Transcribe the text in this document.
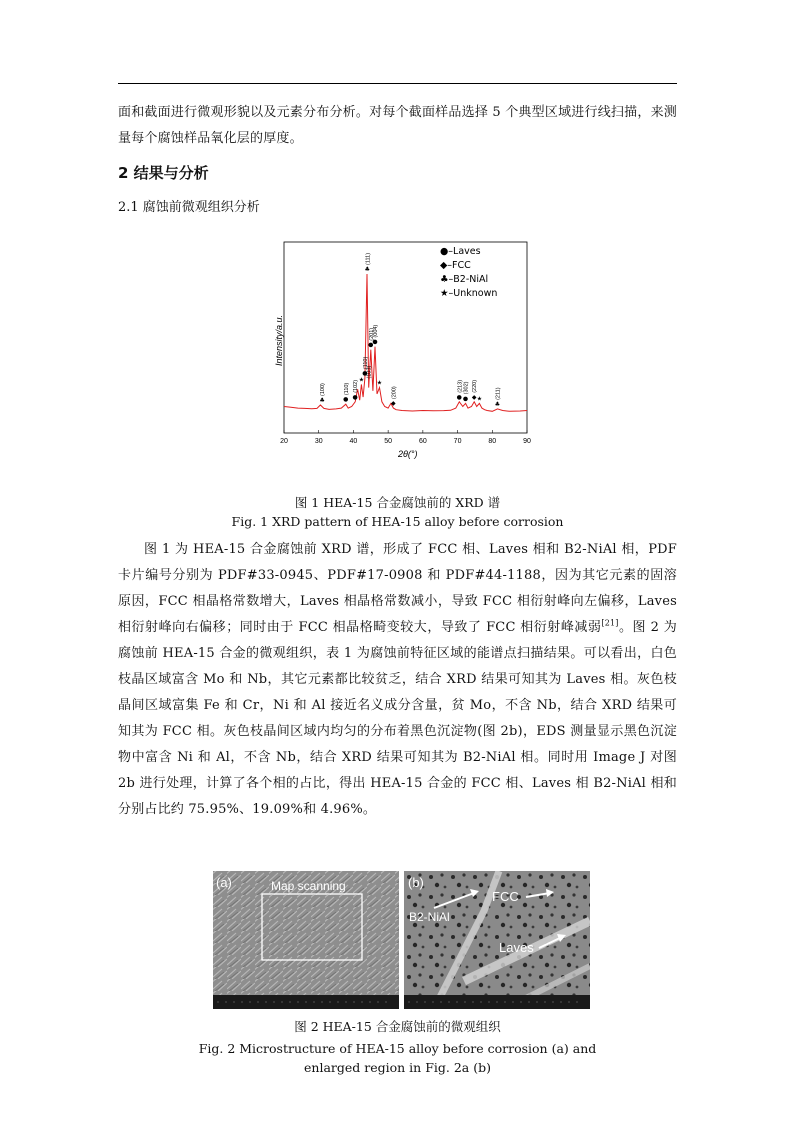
面和截面进行微观形貌以及元素分布分析。对每个截面样品选择 5 个典型区域进行线扫描，来测量每个腐蚀样品氧化层的厚度。

2 结果与分析
2.1 腐蚀前微观组织分析
20	30	40	50	60	70	80	90
♣
(100)
●
(110)
●
(102)
★
●
(110)
♣
(111)
(103)
●
(201)
●
(004)
★
◆
(200)	●
(213)
●
(302)
◆
(220)
★
♣
(211)
Intensity/a.u.
2θ(°)
●–Laves
◆–FCC
♣–B2-NiAl
★–Unknown

图 1 HEA-15 合金腐蚀前的 XRD 谱

Fig. 1 XRD pattern of HEA-15 alloy before corrosion

图 1 为 HEA-15 合金腐蚀前 XRD 谱，形成了 FCC 相、Laves 相和 B2-NiAl 相，PDF 卡片编号分别为 PDF#33-0945、PDF#17-0908 和 PDF#44-1188，因为其它元素的固溶原因，FCC 相晶格常数增大，Laves 相晶格常数减小，导致 FCC 相衍射峰向左偏移，Laves 相衍射峰向右偏移；同时由于 FCC 相晶格畸变较大，导致了 FCC 相衍射峰减弱[21]。图 2 为腐蚀前 HEA-15 合金的微观组织，表 1 为腐蚀前特征区域的能谱点扫描结果。可以看出，白色枝晶区域富含 Mo 和 Nb，其它元素都比较贫乏，结合 XRD 结果可知其为 Laves 相。灰色枝晶间区域富集 Fe 和 Cr，Ni 和 Al 接近名义成分含量，贫 Mo，不含 Nb，结合 XRD 结果可知其为 FCC 相。灰色枝晶间区域内均匀的分布着黑色沉淀物(图 2b)，EDS 测量显示黑色沉淀物中富含 Ni 和 Al，不含 Nb，结合 XRD 结果可知其为 B2-NiAl 相。同时用 Image J 对图 2b 进行处理，计算了各个相的占比，得出 HEA-15 合金的 FCC 相、Laves 相 B2-NiAl 相和分别占比约 75.95%、19.09%和 4.96%。

(a)	Map scanning	(b)
FCC
B2-NiAl
Laves

图 2 HEA-15 合金腐蚀前的微观组织

Fig. 2 Microstructure of HEA-15 alloy before corrosion (a) and

enlarged region in Fig. 2a (b)
